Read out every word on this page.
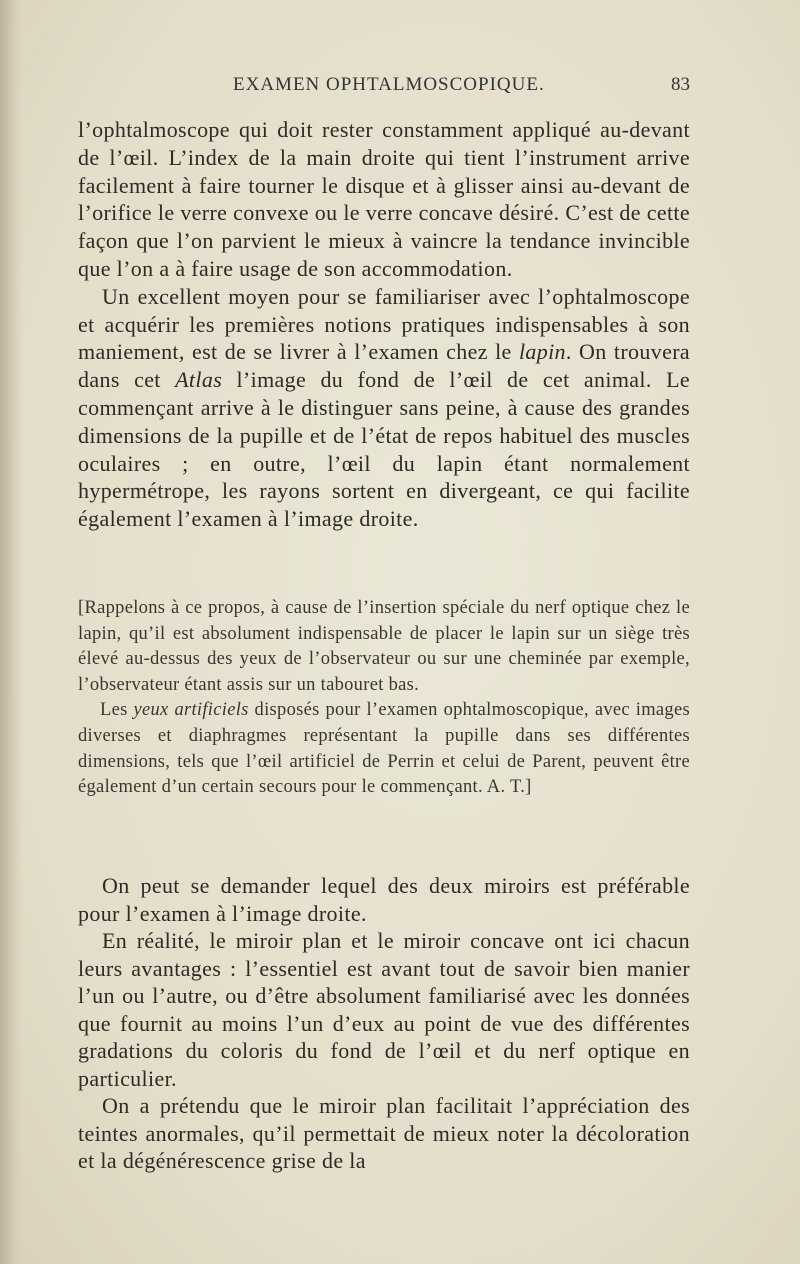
EXAMEN OPHTALMOSCOPIQUE.	83

l’ophtalmoscope qui doit rester constamment appliqué au-devant de l’œil. L’index de la main droite qui tient l’instrument arrive facilement à faire tourner le disque et à glisser ainsi au-devant de l’orifice le verre convexe ou le verre concave désiré. C’est de cette façon que l’on parvient le mieux à vaincre la tendance invincible que l’on a à faire usage de son accommodation.

Un excellent moyen pour se familiariser avec l’ophtalmoscope et acquérir les premières notions pratiques indispensables à son maniement, est de se livrer à l’examen chez le lapin. On trouvera dans cet Atlas l’image du fond de l’œil de cet animal. Le commençant arrive à le distinguer sans peine, à cause des grandes dimensions de la pupille et de l’état de repos habituel des muscles oculaires ; en outre, l’œil du lapin étant normalement hypermétrope, les rayons sortent en divergeant, ce qui facilite également l’examen à l’image droite.

[Rappelons à ce propos, à cause de l’insertion spéciale du nerf optique chez le lapin, qu’il est absolument indispensable de placer le lapin sur un siège très élevé au-dessus des yeux de l’observateur ou sur une cheminée par exemple, l’observateur étant assis sur un tabouret bas.

Les yeux artificiels disposés pour l’examen ophtalmoscopique, avec images diverses et diaphragmes représentant la pupille dans ses différentes dimensions, tels que l’œil artificiel de Perrin et celui de Parent, peuvent être également d’un certain secours pour le commençant. A. T.]

On peut se demander lequel des deux miroirs est préférable pour l’examen à l’image droite.

En réalité, le miroir plan et le miroir concave ont ici chacun leurs avantages : l’essentiel est avant tout de savoir bien manier l’un ou l’autre, ou d’être absolument familiarisé avec les données que fournit au moins l’un d’eux au point de vue des différentes gradations du coloris du fond de l’œil et du nerf optique en particulier.

On a prétendu que le miroir plan facilitait l’appréciation des teintes anormales, qu’il permettait de mieux noter la décoloration et la dégénérescence grise de la
